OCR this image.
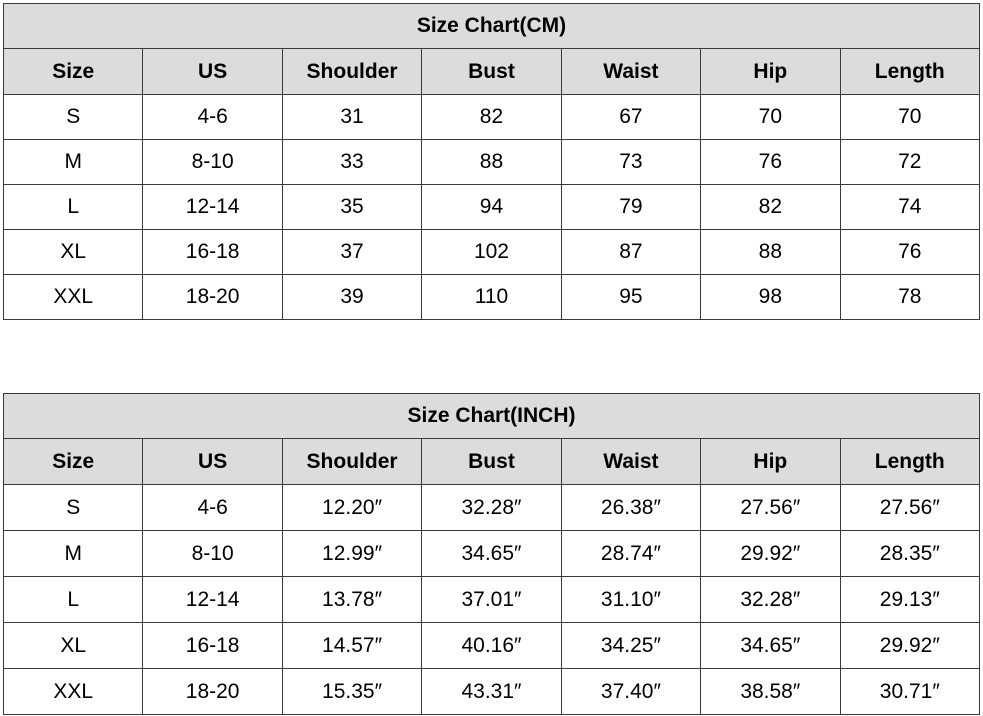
Size Chart(CM)						
Size	US	Shoulder	Bust	Waist	Hip	Length
S	4-6	31	82	67	70	70
M	8-10	33	88	73	76	72
L	12-14	35	94	79	82	74
XL	16-18	37	102	87	88	76
XXL	18-20	39	110	95	98	78
Size Chart(INCH)						
Size	US	Shoulder	Bust	Waist	Hip	Length
S	4-6	12.20″	32.28″	26.38″	27.56″	27.56″
M	8-10	12.99″	34.65″	28.74″	29.92″	28.35″
L	12-14	13.78″	37.01″	31.10″	32.28″	29.13″
XL	16-18	14.57″	40.16″	34.25″	34.65″	29.92″
XXL	18-20	15.35″	43.31″	37.40″	38.58″	30.71″
